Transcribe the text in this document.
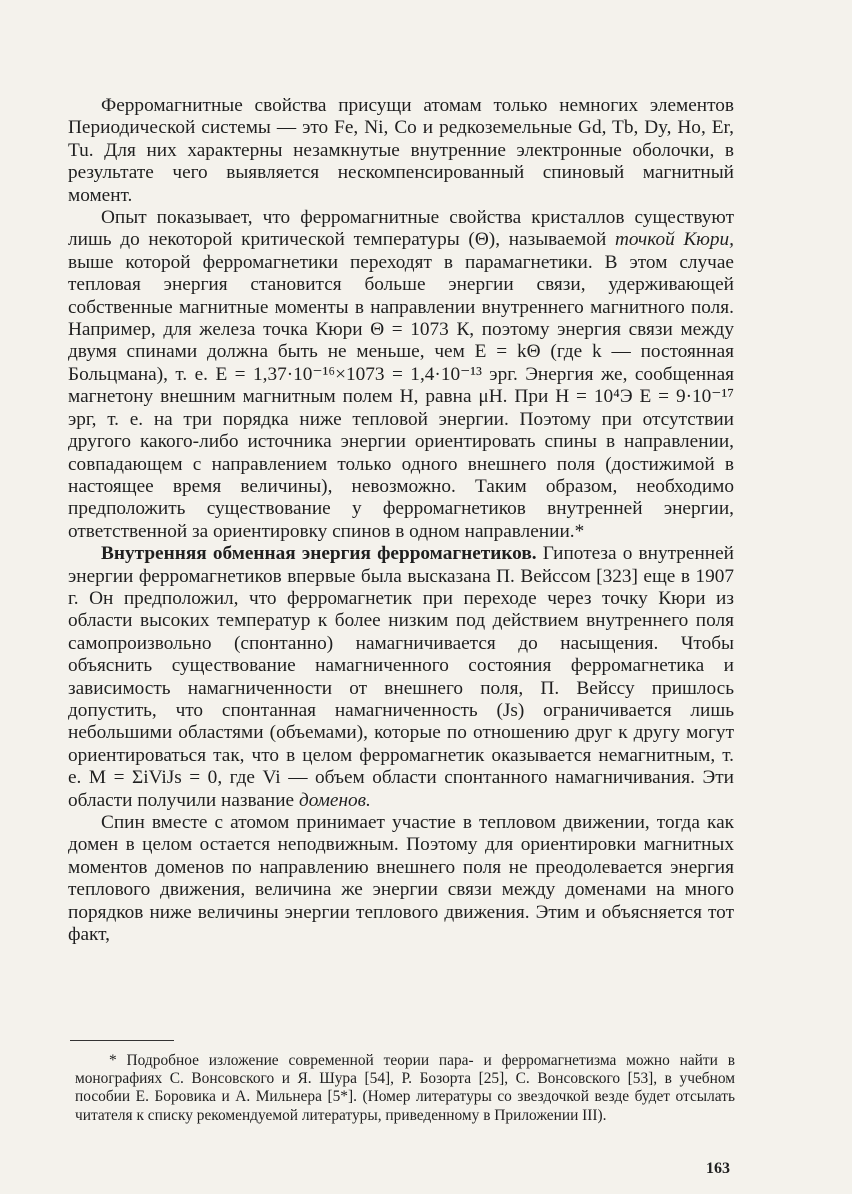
Ферромагнитные свойства присущи атомам только немногих элементов Периодической системы — это Fe, Ni, Co и редкоземельные Gd, Tb, Dy, Ho, Er, Tu. Для них характерны незамкнутые внутренние электронные оболочки, в результате чего выявляется нескомпенсированный спиновый магнитный момент.

Опыт показывает, что ферромагнитные свойства кристаллов существуют лишь до некоторой критической температуры (Θ), называемой точкой Кюри, выше которой ферромагнетики переходят в парамагнетики. В этом случае тепловая энергия становится больше энергии связи, удерживающей собственные магнитные моменты в направлении внутреннего магнитного поля. Например, для железа точка Кюри Θ = 1073 К, поэтому энергия связи между двумя спинами должна быть не меньше, чем E = kΘ (где k — постоянная Больцмана), т. е. E = 1,37·10⁻¹⁶×1073 = 1,4·10⁻¹³ эрг. Энергия же, сообщенная магнетону внешним магнитным полем H, равна μH. При H = 10⁴Э E = 9·10⁻¹⁷ эрг, т. е. на три порядка ниже тепловой энергии. Поэтому при отсутствии другого какого-либо источника энергии ориентировать спины в направлении, совпадающем с направлением только одного внешнего поля (достижимой в настоящее время величины), невозможно. Таким образом, необходимо предположить существование у ферромагнетиков внутренней энергии, ответственной за ориентировку спинов в одном направлении.*

Внутренняя обменная энергия ферромагнетиков. Гипотеза о внутренней энергии ферромагнетиков впервые была высказана П. Вейссом [323] еще в 1907 г. Он предположил, что ферромагнетик при переходе через точку Кюри из области высоких температур к более низким под действием внутреннего поля самопроизвольно (спонтанно) намагничивается до насыщения. Чтобы объяснить существование намагниченного состояния ферромагнетика и зависимость намагниченности от внешнего поля, П. Вейссу пришлось допустить, что спонтанная намагниченность (Js) ограничивается лишь небольшими областями (объемами), которые по отношению друг к другу могут ориентироваться так, что в целом ферромагнетик оказывается немагнитным, т. е. M = ΣiViJs = 0, где Vi — объем области спонтанного намагничивания. Эти области получили название доменов.

Спин вместе с атомом принимает участие в тепловом движении, тогда как домен в целом остается неподвижным. Поэтому для ориентировки магнитных моментов доменов по направлению внешнего поля не преодолевается энергия теплового движения, величина же энергии связи между доменами на много порядков ниже величины энергии теплового движения. Этим и объясняется тот факт,

* Подробное изложение современной теории пара- и ферромагнетизма можно найти в монографиях С. Вонсовского и Я. Шура [54], Р. Бозорта [25], С. Вонсовского [53], в учебном пособии Е. Боровика и А. Мильнера [5*]. (Номер литературы со звездочкой везде будет отсылать читателя к списку рекомендуемой литературы, приведенному в Приложении III).

163
